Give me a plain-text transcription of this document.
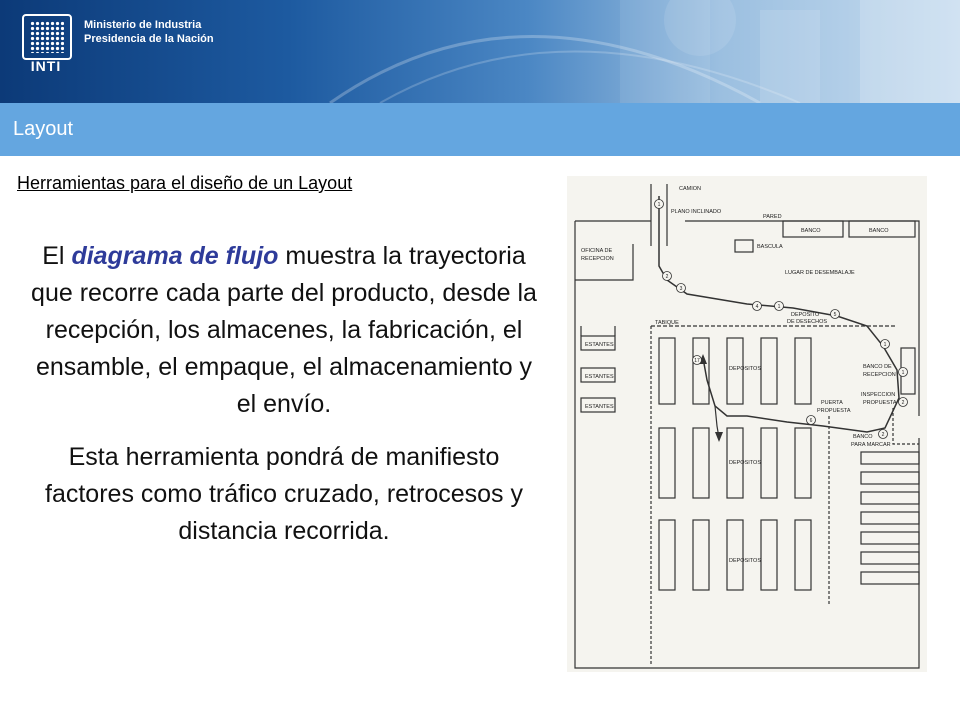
INTI
Ministerio de Industria
Presidencia de la Nación
Layout
Herramientas para el diseño de un Layout
El diagrama de flujo muestra la trayectoria que recorre cada parte del producto, desde la recepción, los almacenes, la fabricación, el ensamble, el empaque, el almacenamiento y el envío.
Esta herramienta pondrá de manifiesto factores como tráfico cruzado, retrocesos y distancia recorrida.
1
2
3
4	1
5
1
1
2
2
6
17
CAMION
PLANO INCLINADO
PARED
BANCO	BANCO
BASCULA
OFICINA DE
RECEPCION
LUGAR DE DESEMBALAJE
TABIQUE
DEPOSITO
DE DESECHOS
ESTANTES
ESTANTES
ESTANTES
DEPOSITOS
DEPOSITOS
DEPOSITOS
BANCO DE
RECEPCION
PUERTA
PROPUESTA
INSPECCION
PROPUESTA
BANCO
PARA MARCAR
